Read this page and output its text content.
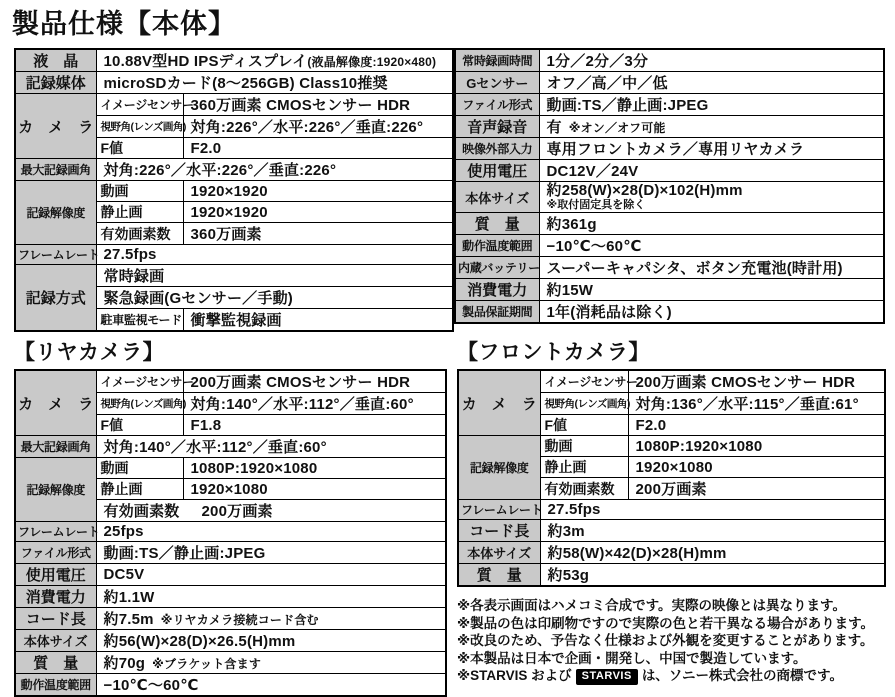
製品仕様【本体】
液　晶	10.88V型HD IPSディスプレイ(液晶解像度:1920×480)	
記録媒体	microSDカード(8～256GB) Class10推奨	
カ　メ　ラ	イメージセンサー	360万画素 CMOSセンサー HDR
	視野角(レンズ画角)	対角:226°／水平:226°／垂直:226°
	F値	F2.0
最大記録画角	対角:226°／水平:226°／垂直:226°	
記録解像度	動画	1920×1920
	静止画	1920×1920
	有効画素数	360万画素
フレームレート	27.5fps	
記録方式	常時録画	
	緊急録画(Gセンサー／手動)	
	駐車監視モード	衝撃監視録画
常時録画時間	1分／2分／3分
Gセンサー	オフ／高／中／低
ファイル形式	動画:TS／静止画:JPEG
音声録音	有 ※オン／オフ可能
映像外部入力	専用フロントカメラ／専用リヤカメラ
使用電圧	DC12V／24V
本体サイズ	約258(W)×28(D)×102(H)mm
※取付固定具を除く

質　量	約361g
動作温度範囲	−10℃～60℃
内蔵バッテリー	スーパーキャパシタ、ボタン充電池(時計用)
消費電力	約15W
製品保証期間	1年(消耗品は除く)
【リヤカメラ】
カ　メ　ラ	イメージセンサー	200万画素 CMOSセンサー HDR
	視野角(レンズ画角)	対角:140°／水平:112°／垂直:60°
	F値	F1.8
最大記録画角	対角:140°／水平:112°／垂直:60°	
記録解像度	動画	1080P:1920×1080
	静止画	1920×1080
	有効画素数 200万画素	
フレームレート	25fps	
ファイル形式	動画:TS／静止画:JPEG	
使用電圧	DC5V	
消費電力	約1.1W	
コード長	約7.5m ※リヤカメラ接続コード含む	
本体サイズ	約56(W)×28(D)×26.5(H)mm	
質　量	約70g ※ブラケット含ます	
動作温度範囲	−10℃～60℃	
【フロントカメラ】
カ　メ　ラ	イメージセンサー	200万画素 CMOSセンサー HDR
	視野角(レンズ画角)	対角:136°／水平:115°／垂直:61°
	F値	F2.0
記録解像度	動画	1080P:1920×1080
	静止画	1920×1080
	有効画素数	200万画素
フレームレート	27.5fps	
コード長	約3m	
本体サイズ	約58(W)×42(D)×28(H)mm	
質　量	約53g	
※各表示画面はハメコミ合成です。実際の映像とは異なります。
※製品の色は印刷物ですので実際の色と若干異なる場合があります。
※改良のため、予告なく仕様および外観を変更することがあります。
※本製品は日本で企画・開発し、中国で製造しています。
※STARVIS および STARVIS は、ソニー株式会社の商標です。
